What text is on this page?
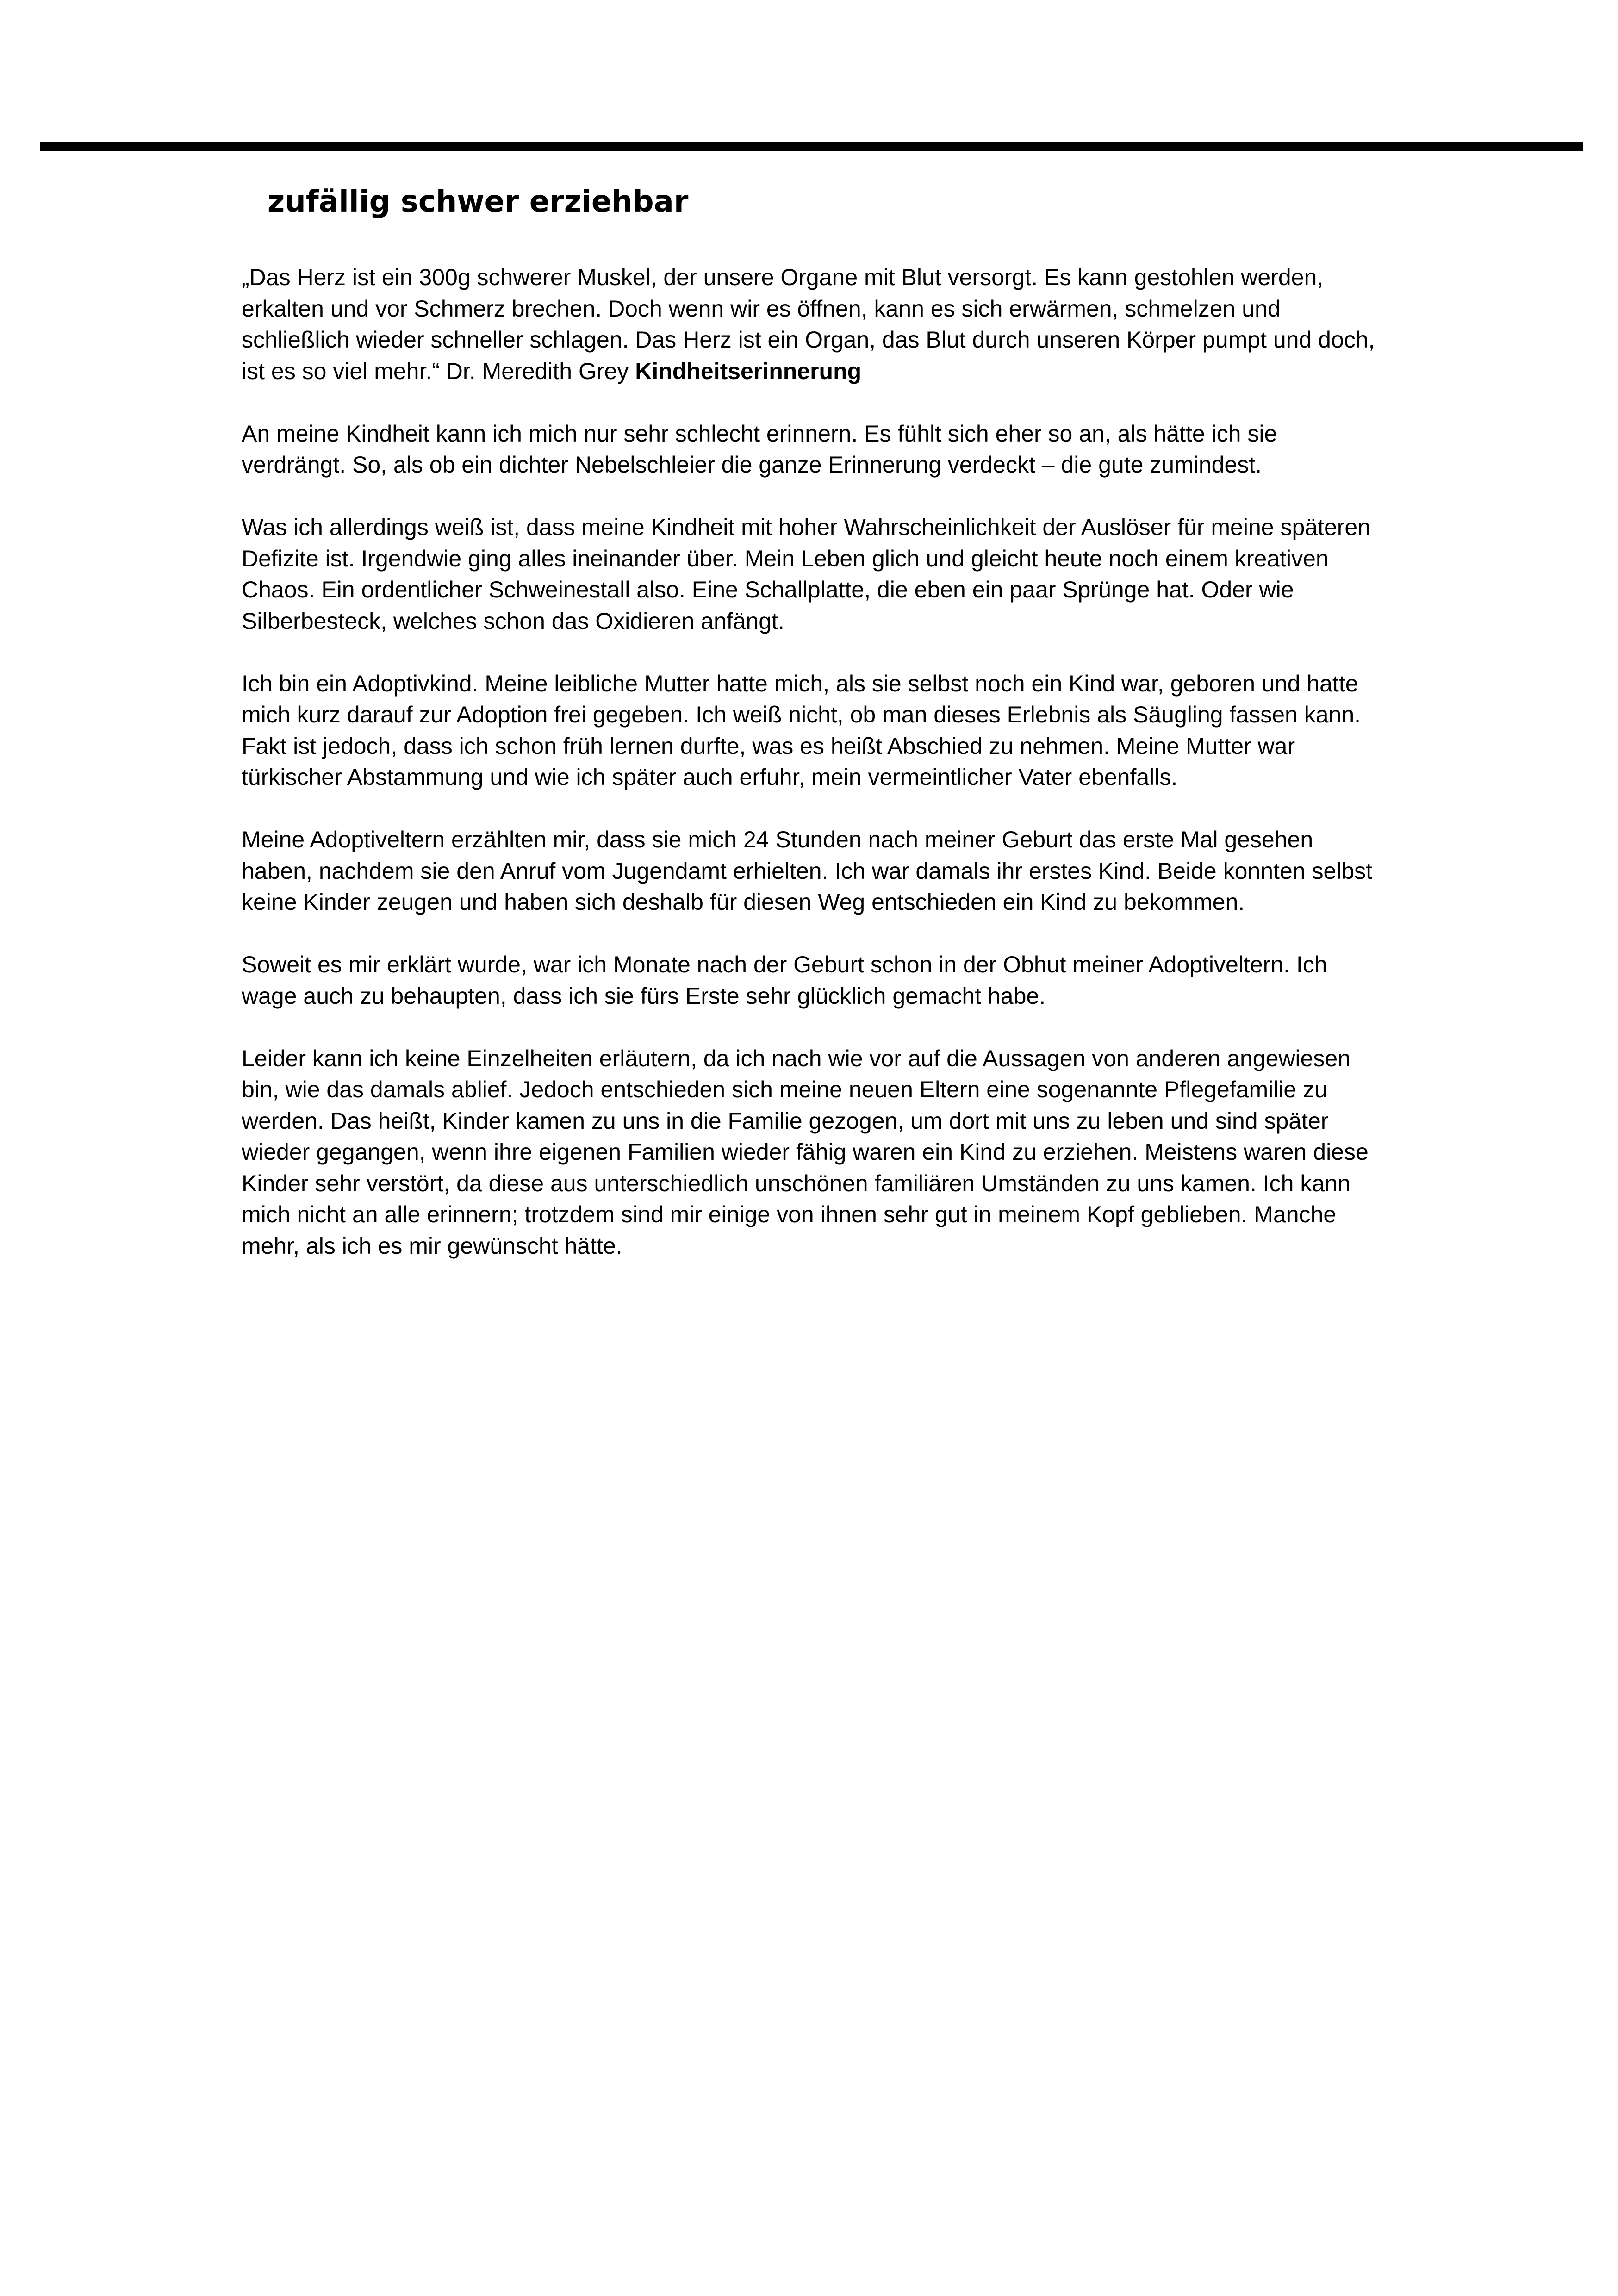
zufällig schwer erziehbar

„Das Herz ist ein 300g schwerer Muskel, der unsere Organe mit Blut versorgt. Es kann gestohlen werden, erkalten und vor Schmerz brechen. Doch wenn wir es öffnen, kann es sich erwärmen, schmelzen und schließlich wieder schneller schlagen. Das Herz ist ein Organ, das Blut durch unseren Körper pumpt und doch, ist es so viel mehr.“ Dr. Meredith Grey Kindheitserinnerung

An meine Kindheit kann ich mich nur sehr schlecht erinnern. Es fühlt sich eher so an, als hätte ich sie verdrängt. So, als ob ein dichter Nebelschleier die ganze Erinnerung verdeckt – die gute zumindest.

Was ich allerdings weiß ist, dass meine Kindheit mit hoher Wahrscheinlichkeit der Auslöser für meine späteren Defizite ist. Irgendwie ging alles ineinander über. Mein Leben glich und gleicht heute noch einem kreativen Chaos. Ein ordentlicher Schweinestall also. Eine Schallplatte, die eben ein paar Sprünge hat. Oder wie Silberbesteck, welches schon das Oxidieren anfängt.

Ich bin ein Adoptivkind. Meine leibliche Mutter hatte mich, als sie selbst noch ein Kind war, geboren und hatte mich kurz darauf zur Adoption frei gegeben. Ich weiß nicht, ob man dieses Erlebnis als Säugling fassen kann. Fakt ist jedoch, dass ich schon früh lernen durfte, was es heißt Abschied zu nehmen. Meine Mutter war türkischer Abstammung und wie ich später auch erfuhr, mein vermeintlicher Vater ebenfalls.

Meine Adoptiveltern erzählten mir, dass sie mich 24 Stunden nach meiner Geburt das erste Mal gesehen haben, nachdem sie den Anruf vom Jugendamt erhielten. Ich war damals ihr erstes Kind. Beide konnten selbst keine Kinder zeugen und haben sich deshalb für diesen Weg entschieden ein Kind zu bekommen.

Soweit es mir erklärt wurde, war ich Monate nach der Geburt schon in der Obhut meiner Adoptiveltern. Ich wage auch zu behaupten, dass ich sie fürs Erste sehr glücklich gemacht habe.

Leider kann ich keine Einzelheiten erläutern, da ich nach wie vor auf die Aussagen von anderen angewiesen bin, wie das damals ablief. Jedoch entschieden sich meine neuen Eltern eine sogenannte Pflegefamilie zu werden. Das heißt, Kinder kamen zu uns in die Familie gezogen, um dort mit uns zu leben und sind später wieder gegangen, wenn ihre eigenen Familien wieder fähig waren ein Kind zu erziehen. Meistens waren diese Kinder sehr verstört, da diese aus unterschiedlich unschönen familiären Umständen zu uns kamen. Ich kann mich nicht an alle erinnern; trotzdem sind mir einige von ihnen sehr gut in meinem Kopf geblieben. Manche mehr, als ich es mir gewünscht hätte.
